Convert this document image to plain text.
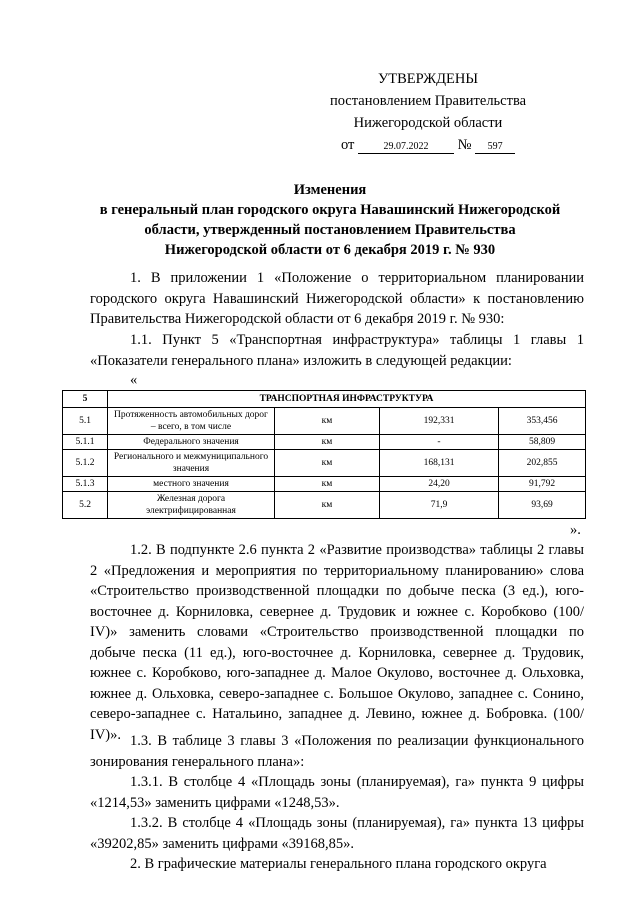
УТВЕРЖДЕНЫ
постановлением Правительства
Нижегородской области
от	29.07.2022 № 597
Изменения
в генеральный план городского округа Навашинский Нижегородской
области, утвержденный постановлением Правительства
Нижегородской области от 6 декабря 2019 г. № 930

1. В приложении 1 «Положение о территориальном планировании городского округа Навашинский Нижегородской области» к постановлению Правительства Нижегородской области от 6 декабря 2019 г. № 930:

1.1. Пункт 5 «Транспортная инфраструктура» таблицы 1 главы 1 «Показатели генерального плана» изложить в следующей редакции:

«
5	ТРАНСПОРТНАЯ ИНФРАСТРУКТУРА			
5.1	Протяженность автомобильных дорог – всего, в том числе	км	192,331	353,456
5.1.1	Федерального значения	км	-	58,809
5.1.2	Регионального и межмуниципального значения	км	168,131	202,855
5.1.3	местного значения	км	24,20	91,792
5.2	Железная дорога электрифицированная	км	71,9	93,69
».

1.2. В подпункте 2.6 пункта 2 «Развитие производства» таблицы 2 главы 2 «Предложения и мероприятия по территориальному планированию» слова «Строительство производственной площадки по добыче песка (3 ед.), юго-восточнее д. Корниловка, севернее д. Трудовик и южнее с. Коробково (100/ IV)» заменить словами «Строительство производственной площадки по добыче песка (11 ед.), юго-восточнее д. Корниловка, севернее д. Трудовик, южнее с. Коробково, юго-западнее д. Малое Окулово, восточнее д. Ольховка, южнее д. Ольховка, северо-западнее с. Большое Окулово, западнее с. Сонино, северо-западнее с. Натальино, западнее д. Левино, южнее д. Бобровка. (100/ IV)». 1.3. В таблице 3 главы 3 «Положения по реализации функционального зонирования генерального плана»:

1.3.1. В столбце 4 «Площадь зоны (планируемая), га» пункта 9 цифры «1214,53» заменить цифрами «1248,53».

1.3.2. В столбце 4 «Площадь зоны (планируемая), га» пункта 13 цифры «39202,85» заменить цифрами «39168,85».

2. В графические материалы генерального плана городского округа
